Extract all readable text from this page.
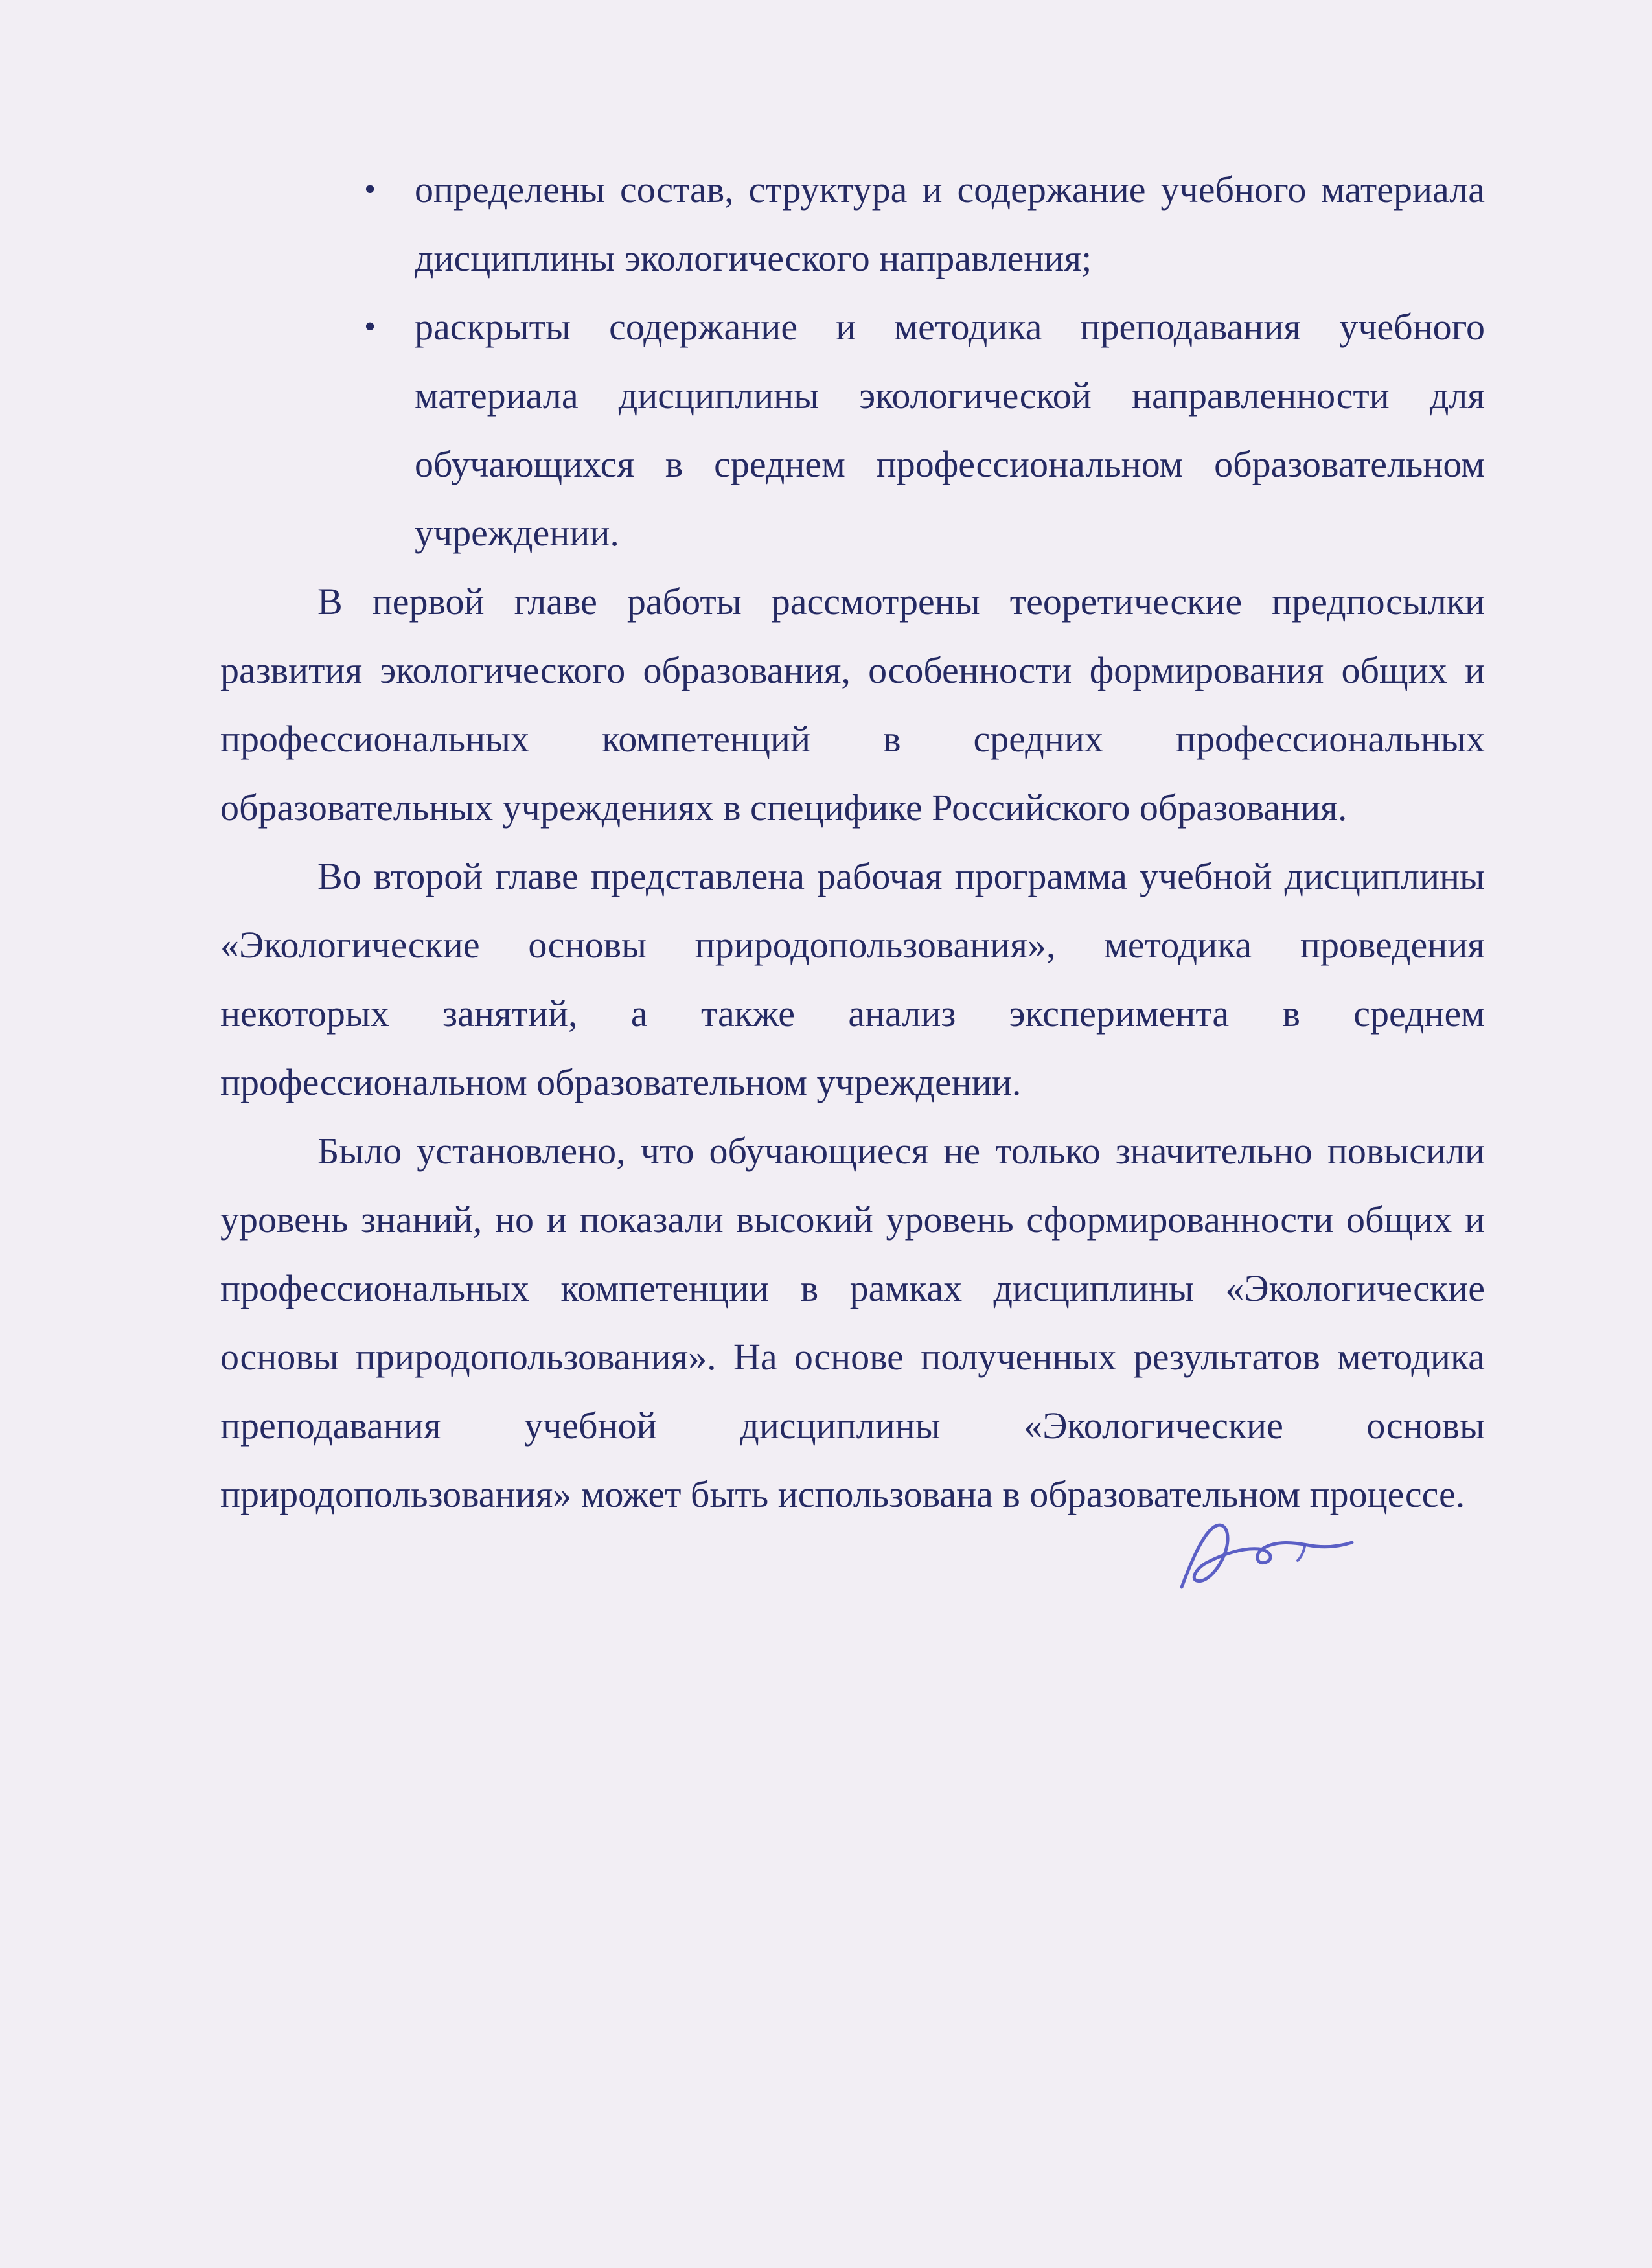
• определены состав, структура и содержание учебного материала дисциплины экологического направления;
• раскрыты содержание и методика преподавания учебного материала дисциплины экологической направленности для обучающихся в среднем профессиональном образовательном учреждении.

В первой главе работы рассмотрены теоретические предпосылки развития экологического образования, особенности формирования общих и профессиональных компетенций в средних профессиональных образовательных учреждениях в специфике Российского образования.

Во второй главе представлена рабочая программа учебной дисциплины «Экологические основы природопользования», методика проведения некоторых занятий, а также анализ эксперимента в среднем профессиональном образовательном учреждении.

Было установлено, что обучающиеся не только значительно повысили уровень знаний, но и показали высокий уровень сформированности общих и профессиональных компетенции в рамках дисциплины «Экологические основы природопользования». На основе полученных результатов методика преподавания учебной дисциплины «Экологические основы природопользования» может быть использована в образовательном процессе.
